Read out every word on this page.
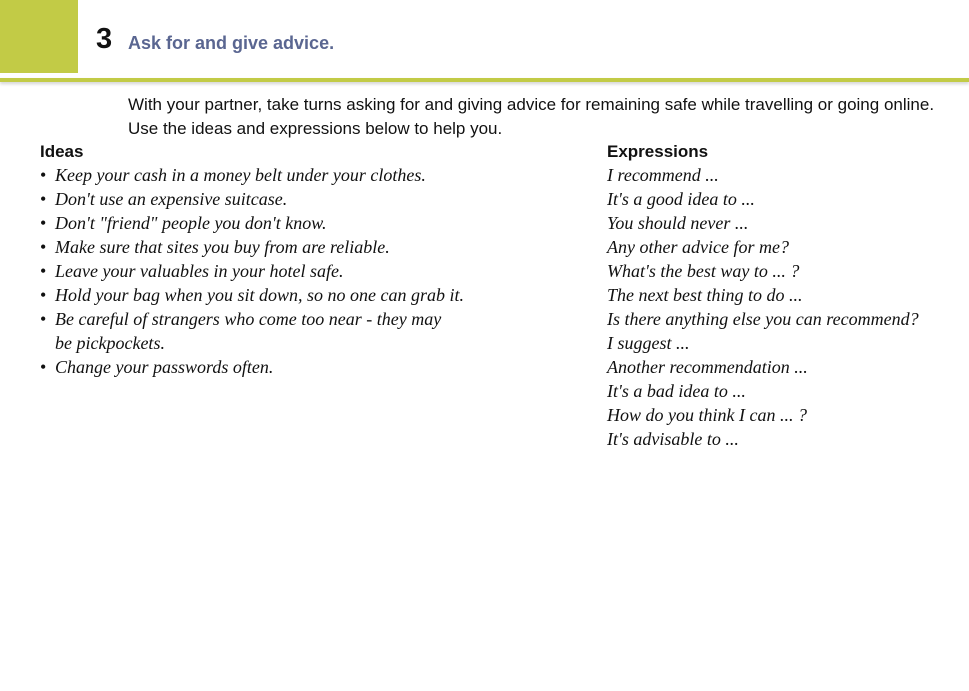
3 Ask for and give advice.
With your partner, take turns asking for and giving advice for remaining safe while travelling or going online.
Use the ideas and expressions below to help you.
Ideas
• Keep your cash in a money belt under your clothes.
• Don't use an expensive suitcase.
• Don't "friend" people you don't know.
• Make sure that sites you buy from are reliable.
• Leave your valuables in your hotel safe.
• Hold your bag when you sit down, so no one can grab it.
• Be careful of strangers who come too near - they may
be pickpockets.
• Change your passwords often.
Expressions
I recommend ...
It's a good idea to ...
You should never ...
Any other advice for me?
What's the best way to ... ?
The next best thing to do ...
Is there anything else you can recommend?
I suggest ...
Another recommendation ...
It's a bad idea to ...
How do you think I can ... ?
It's advisable to ...
